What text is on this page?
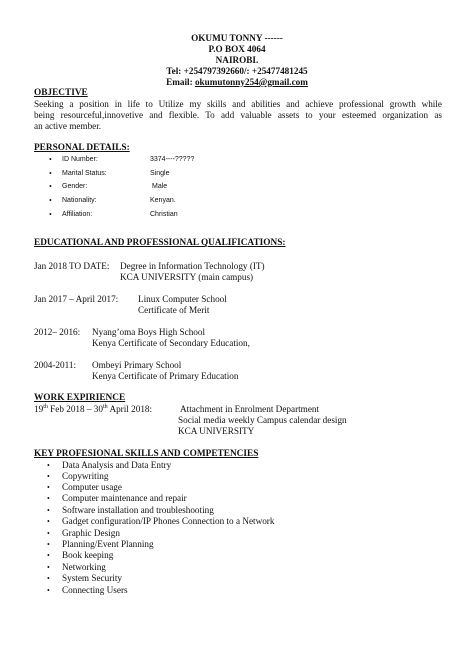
OKUMU TONNY ------
P.O BOX 4064
NAIROBI.
Tel: +254797392660/: +25477481245
Email: okumutonny254@gmail.com
OBJECTIVE
Seeking a position in life to Utilize my skills and abilities and achieve professional growth while
being resourceful,innovetive and flexible. To add valuable assets to your esteemed organization as
an active member.
PERSONAL DETAILS:
• ID Number:	3374----?????
• Marital Status:	Single
• Gender:	Male
• Nationality:	Kenyan.
• Affiliation:	Christian
EDUCATIONAL AND PROFESSIONAL QUALIFICATIONS:
Jan 2018 TO DATE: Degree in Information Technology (IT)
KCA UNIVERSITY (main campus)
Jan 2017 – April 2017: Linux Computer School
Certificate of Merit
2012– 2016: Nyang’oma Boys High School
Kenya Certificate of Secondary Education,
2004-2011: Ombeyi Primary School
Kenya Certificate of Primary Education
WORK EXPIRIENCE
19th Feb 2018 – 30th April 2018:	Attachment in Enrolment Department
Social media weekly Campus calendar design
KCA UNIVERSITY
KEY PROFESIONAL SKILLS AND COMPETENCIES
• Data Analysis and Data Entry
• Copywriting
• Computer usage
• Computer maintenance and repair
• Software installation and troubleshooting
• Gadget configuration/IP Phones Connection to a Network
• Graphic Design
• Planning/Event Planning
• Book keeping
• Networking
• System Security
• Connecting Users
